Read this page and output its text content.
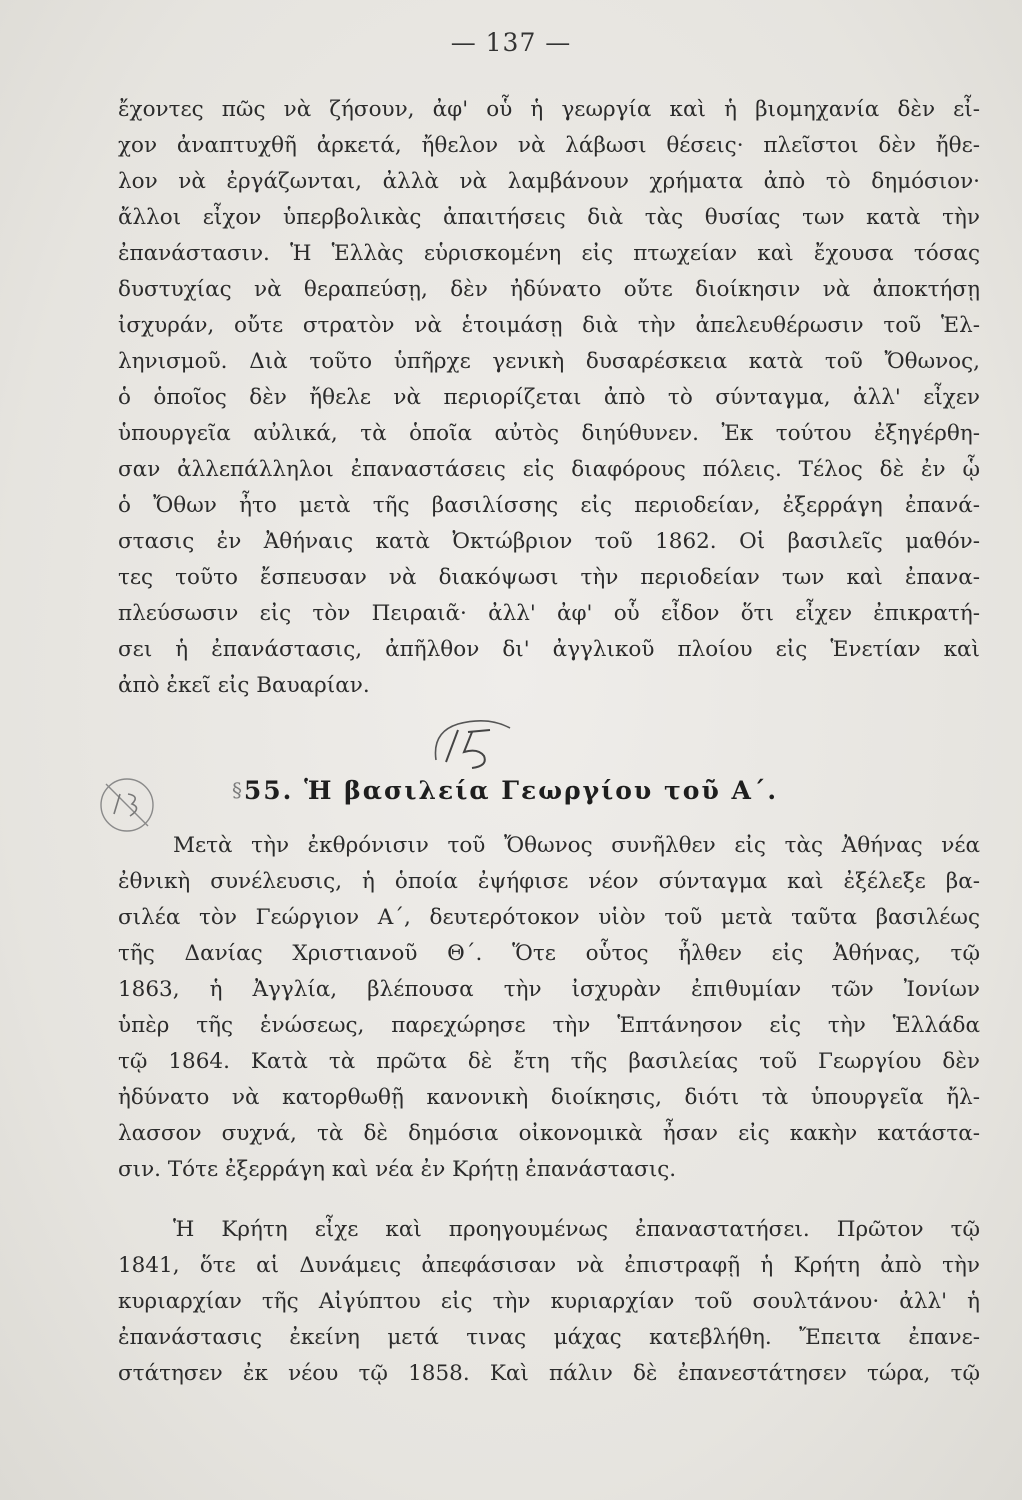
— 137 —
ἔχοντες πῶς νὰ ζήσουν, ἀφ' οὗ ἡ γεωργία καὶ ἡ βιομηχανία δὲν εἶ-
χον ἀναπτυχθῆ ἀρκετά, ἤθελον νὰ λάβωσι θέσεις· πλεῖστοι δὲν ἤθε-
λον νὰ ἐργάζωνται, ἀλλὰ νὰ λαμβάνουν χρήματα ἀπὸ τὸ δημόσιον·
ἄλλοι εἶχον ὑπερβολικὰς ἀπαιτήσεις διὰ τὰς θυσίας των κατὰ τὴν
ἐπανάστασιν. Ἡ Ἑλλὰς εὑρισκομένη εἰς πτωχείαν καὶ ἔχουσα τόσας
δυστυχίας νὰ θεραπεύσῃ, δὲν ἠδύνατο οὔτε διοίκησιν νὰ ἀποκτήσῃ
ἰσχυράν, οὔτε στρατὸν νὰ ἑτοιμάσῃ διὰ τὴν ἀπελευθέρωσιν τοῦ Ἑλ-
ληνισμοῦ. Διὰ τοῦτο ὑπῆρχε γενικὴ δυσαρέσκεια κατὰ τοῦ Ὄθωνος,
ὁ ὁποῖος δὲν ἤθελε νὰ περιορίζεται ἀπὸ τὸ σύνταγμα, ἀλλ' εἶχεν
ὑπουργεῖα αὐλικά, τὰ ὁποῖα αὐτὸς διηύθυνεν. Ἐκ τούτου ἐξηγέρθη-
σαν ἀλλεπάλληλοι ἐπαναστάσεις εἰς διαφόρους πόλεις. Τέλος δὲ ἐν ᾧ
ὁ Ὄθων ἦτο μετὰ τῆς βασιλίσσης εἰς περιοδείαν, ἐξερράγη ἐπανά-
στασις ἐν Ἀθήναις κατὰ Ὀκτώβριον τοῦ 1862. Οἱ βασιλεῖς μαθόν-
τες τοῦτο ἔσπευσαν νὰ διακόψωσι τὴν περιοδείαν των καὶ ἐπανα-
πλεύσωσιν εἰς τὸν Πειραιᾶ· ἀλλ' ἀφ' οὗ εἶδον ὅτι εἶχεν ἐπικρατή-
σει ἡ ἐπανάστασις, ἀπῆλθον δι' ἀγγλικοῦ πλοίου εἰς Ἑνετίαν καὶ
ἀπὸ ἐκεῖ εἰς Βαυαρίαν.
§ 55. Ἡ βασιλεία Γεωργίου τοῦ Α΄.
Μετὰ τὴν ἐκθρόνισιν τοῦ Ὄθωνος συνῆλθεν εἰς τὰς Ἀθήνας νέα
ἐθνικὴ συνέλευσις, ἡ ὁποία ἐψήφισε νέον σύνταγμα καὶ ἐξέλεξε βα-
σιλέα τὸν Γεώργιον Α΄, δευτερότοκον υἱὸν τοῦ μετὰ ταῦτα βασιλέως
τῆς Δανίας Χριστιανοῦ Θ΄. Ὅτε οὗτος ἦλθεν εἰς Ἀθήνας, τῷ
1863, ἡ Ἀγγλία, βλέπουσα τὴν ἰσχυρὰν ἐπιθυμίαν τῶν Ἰονίων
ὑπὲρ τῆς ἑνώσεως, παρεχώρησε τὴν Ἑπτάνησον εἰς τὴν Ἑλλάδα
τῷ 1864. Κατὰ τὰ πρῶτα δὲ ἔτη τῆς βασιλείας τοῦ Γεωργίου δὲν
ἠδύνατο νὰ κατορθωθῇ κανονικὴ διοίκησις, διότι τὰ ὑπουργεῖα ἤλ-
λασσον συχνά, τὰ δὲ δημόσια οἰκονομικὰ ἦσαν εἰς κακὴν κατάστα-
σιν. Τότε ἐξερράγη καὶ νέα ἐν Κρήτῃ ἐπανάστασις.
Ἡ Κρήτη εἶχε καὶ προηγουμένως ἐπαναστατήσει. Πρῶτον τῷ
1841, ὅτε αἱ Δυνάμεις ἀπεφάσισαν νὰ ἐπιστραφῇ ἡ Κρήτη ἀπὸ τὴν
κυριαρχίαν τῆς Αἰγύπτου εἰς τὴν κυριαρχίαν τοῦ σουλτάνου· ἀλλ' ἡ
ἐπανάστασις ἐκείνη μετά τινας μάχας κατεβλήθη. Ἔπειτα ἐπανε-
στάτησεν ἐκ νέου τῷ 1858. Καὶ πάλιν δὲ ἐπανεστάτησεν τώρα, τῷ
